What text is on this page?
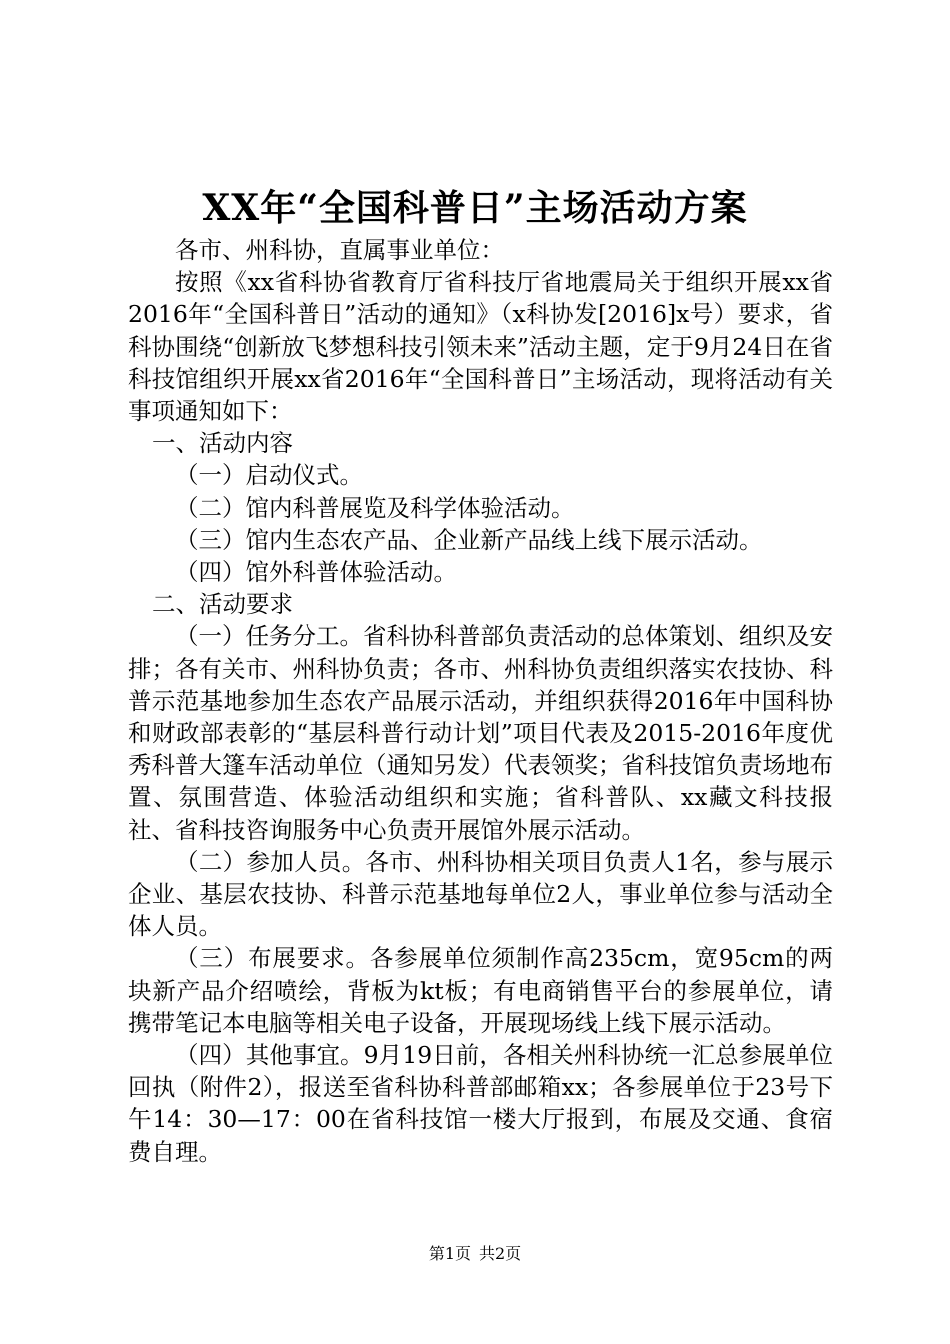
XX年“全国科普日”主场活动方案

各市、州科协，直属事业单位：

按照《xx省科协省教育厅省科技厅省地震局关于组织开展xx省2016年“全国科普日”活动的通知》（x科协发[2016]x号）要求，省科协围绕“创新放飞梦想科技引领未来”活动主题，定于9月24日在省科技馆组织开展xx省2016年“全国科普日”主场活动，现将活动有关事项通知如下：

一、活动内容

（一）启动仪式。

（二）馆内科普展览及科学体验活动。

（三）馆内生态农产品、企业新产品线上线下展示活动。

（四）馆外科普体验活动。

二、活动要求

（一）任务分工。省科协科普部负责活动的总体策划、组织及安排；各有关市、州科协负责；各市、州科协负责组织落实农技协、科普示范基地参加生态农产品展示活动，并组织获得2016年中国科协和财政部表彰的“基层科普行动计划”项目代表及2015-2016年度优秀科普大篷车活动单位（通知另发）代表领奖；省科技馆负责场地布置、氛围营造、体验活动组织和实施；省科普队、xx藏文科技报社、省科技咨询服务中心负责开展馆外展示活动。

（二）参加人员。各市、州科协相关项目负责人1名，参与展示企业、基层农技协、科普示范基地每单位2人，事业单位参与活动全体人员。

（三）布展要求。各参展单位须制作高235cm，宽95cm的两块新产品介绍喷绘，背板为kt板；有电商销售平台的参展单位，请携带笔记本电脑等相关电子设备，开展现场线上线下展示活动。

（四）其他事宜。9月19日前，各相关州科协统一汇总参展单位回执（附件2），报送至省科协科普部邮箱xx；各参展单位于23号下午14：30—17：00在省科技馆一楼大厅报到，布展及交通、食宿费自理。

第1页 共2页
